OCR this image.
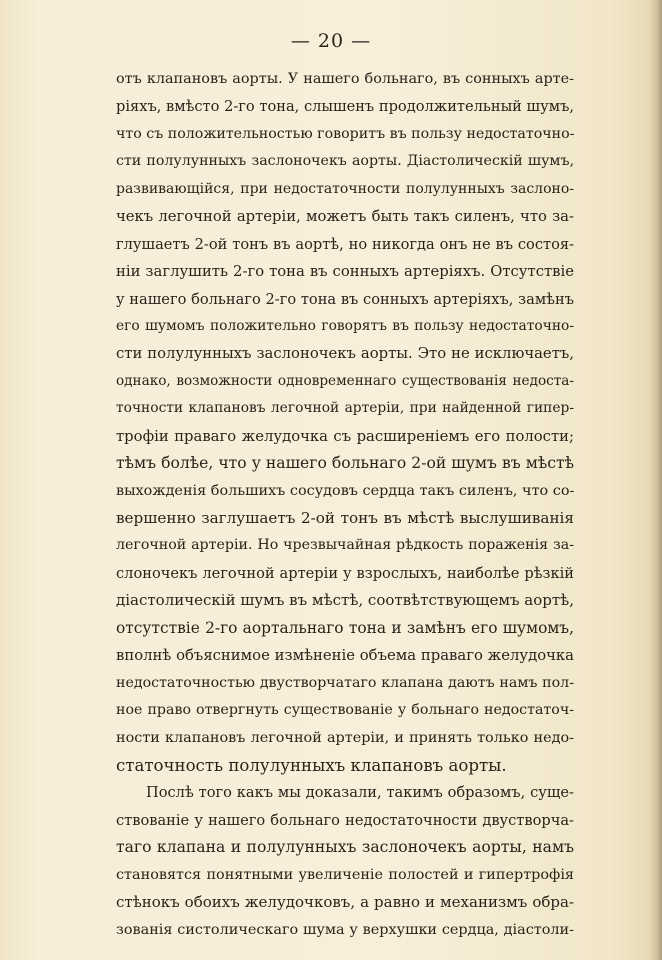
— 20 —
отъ клапановъ аорты. У нашего больнаго, въ сонныхъ арте-
ріяхъ, вмѣсто 2-го тона, слышенъ продолжительный шумъ,
что съ положительностью говоритъ въ пользу недостаточно-
сти полулунныхъ заслоночекъ аорты. Діастолическій шумъ,
развивающійся, при недостаточности полулунныхъ заслоно-
чекъ легочной артеріи, можетъ быть такъ силенъ, что за-
глушаетъ 2-ой тонъ въ аортѣ, но никогда онъ не въ состоя-
ніи заглушить 2-го тона въ сонныхъ артеріяхъ. Отсутствіе
у нашего больнаго 2-го тона въ сонныхъ артеріяхъ, замѣнъ
его шумомъ положительно говорятъ въ пользу недостаточно-
сти полулунныхъ заслоночекъ аорты. Это не исключаетъ,
однако, возможности одновременнаго существованія недоста-
точности клапановъ легочной артеріи, при найденной гипер-
трофіи праваго желудочка съ расширеніемъ его полости;
тѣмъ болѣе, что у нашего больнаго 2-ой шумъ въ мѣстѣ
выхожденія большихъ сосудовъ сердца такъ силенъ, что со-
вершенно заглушаетъ 2-ой тонъ въ мѣстѣ выслушиванія
легочной артеріи. Но чрезвычайная рѣдкость пораженія за-
слоночекъ легочной артеріи у взрослыхъ, наиболѣе рѣзкій
діастолическій шумъ въ мѣстѣ, соотвѣтствующемъ аортѣ,
отсутствіе 2-го аортальнаго тона и замѣнъ его шумомъ,
вполнѣ объяснимое измѣненіе объема праваго желудочка
недостаточностью двустворчатаго клапана даютъ намъ пол-
ное право отвергнуть существованіе у больнаго недостаточ-
ности клапановъ легочной артеріи, и принять только недо-
статочность полулунныхъ клапановъ аорты.
Послѣ того какъ мы доказали, такимъ образомъ, суще-
ствованіе у нашего больнаго недостаточности двустворча-
таго клапана и полулунныхъ заслоночекъ аорты, намъ
становятся понятными увеличеніе полостей и гипертрофія
стѣнокъ обоихъ желудочковъ, а равно и механизмъ обра-
зованія систолическаго шума у верхушки сердца, діастоли-
